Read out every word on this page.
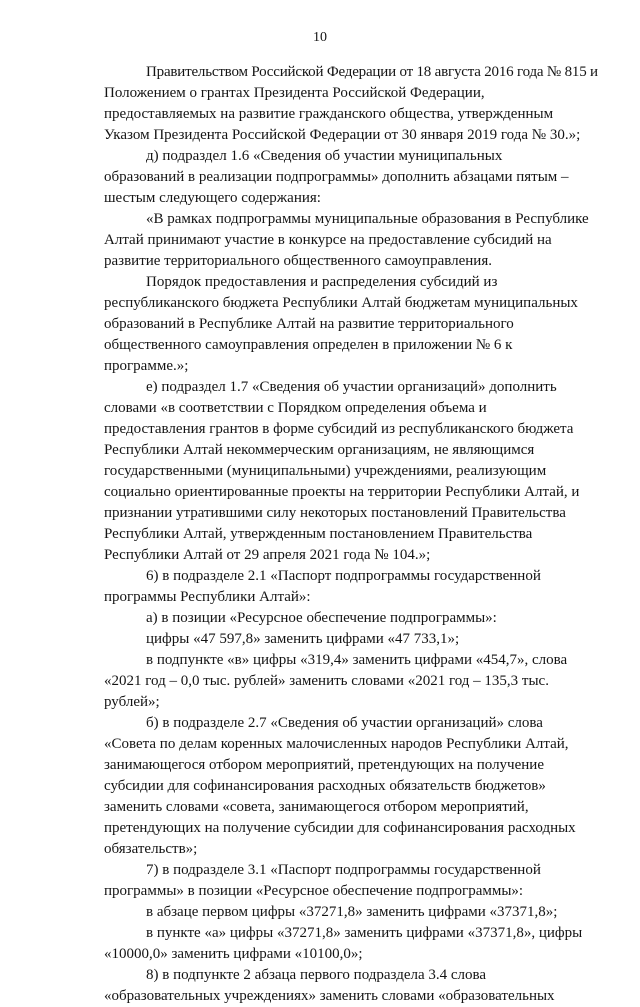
10
Правительством Российской Федерации от 18 августа 2016 года № 815 и
Положением о грантах Президента Российской Федерации,
предоставляемых на развитие гражданского общества, утвержденным
Указом Президента Российской Федерации от 30 января 2019 года № 30.»;
д) подраздел 1.6 «Сведения об участии муниципальных
образований в реализации подпрограммы» дополнить абзацами пятым –
шестым следующего содержания:
«В рамках подпрограммы муниципальные образования в Республике
Алтай принимают участие в конкурсе на предоставление субсидий на
развитие территориального общественного самоуправления.
Порядок предоставления и распределения субсидий из
республиканского бюджета Республики Алтай бюджетам муниципальных
образований в Республике Алтай на развитие территориального
общественного самоуправления определен в приложении № 6 к
программе.»;
е) подраздел 1.7 «Сведения об участии организаций» дополнить
словами «в соответствии с Порядком определения объема и
предоставления грантов в форме субсидий из республиканского бюджета
Республики Алтай некоммерческим организациям, не являющимся
государственными (муниципальными) учреждениями, реализующим
социально ориентированные проекты на территории Республики Алтай, и
признании утратившими силу некоторых постановлений Правительства
Республики Алтай, утвержденным постановлением Правительства
Республики Алтай от 29 апреля 2021 года № 104.»;
6) в подразделе 2.1 «Паспорт подпрограммы государственной
программы Республики Алтай»:
а) в позиции «Ресурсное обеспечение подпрограммы»:
цифры «47 597,8» заменить цифрами «47 733,1»;
в подпункте «в» цифры «319,4» заменить цифрами «454,7», слова
«2021 год – 0,0 тыс. рублей» заменить словами «2021 год – 135,3 тыс.
рублей»;
б) в подразделе 2.7 «Сведения об участии организаций» слова
«Совета по делам коренных малочисленных народов Республики Алтай,
занимающегося отбором мероприятий, претендующих на получение
субсидии для софинансирования расходных обязательств бюджетов»
заменить словами «совета, занимающегося отбором мероприятий,
претендующих на получение субсидии для софинансирования расходных
обязательств»;
7) в подразделе 3.1 «Паспорт подпрограммы государственной
программы» в позиции «Ресурсное обеспечение подпрограммы»:
в абзаце первом цифры «37271,8» заменить цифрами «37371,8»;
в пункте «а» цифры «37271,8» заменить цифрами «37371,8», цифры
«10000,0» заменить цифрами «10100,0»;
8) в подпункте 2 абзаца первого подраздела 3.4 слова
«образовательных учреждениях» заменить словами «образовательных
